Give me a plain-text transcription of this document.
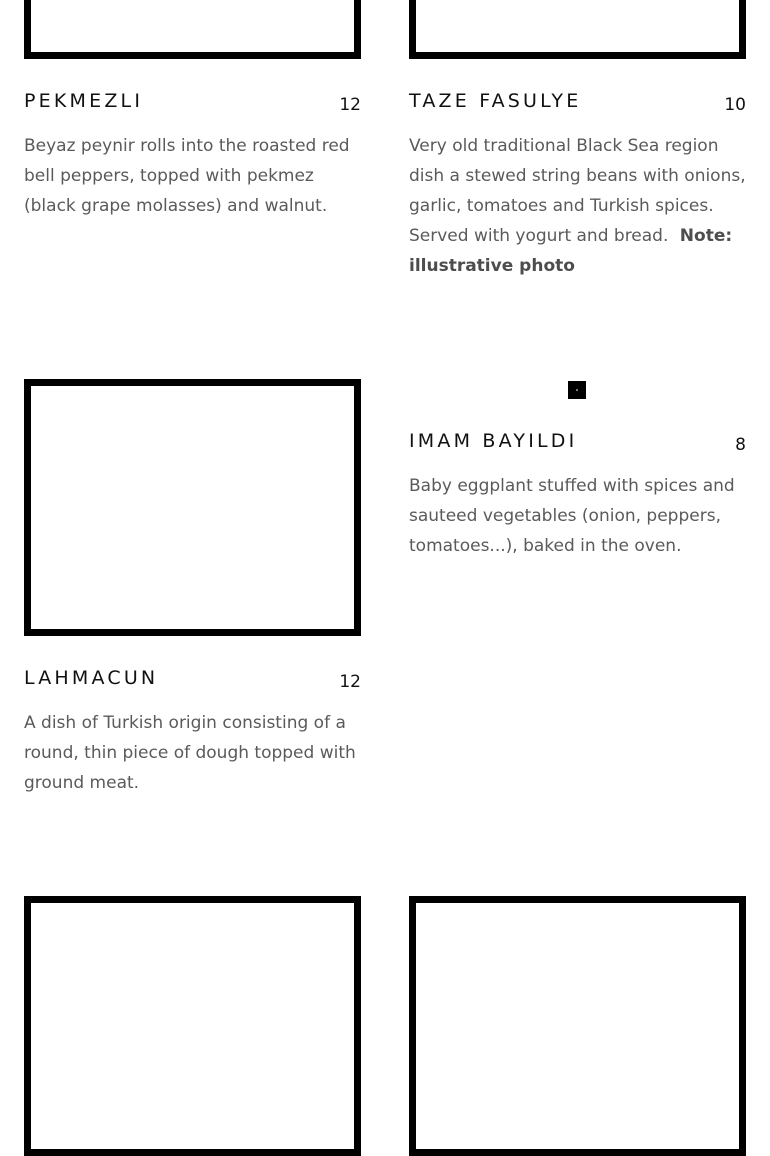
PEKMEZLI	12

Beyaz peynir rolls into the roasted red bell peppers, topped with pekmez (black grape molasses) and walnut.

TAZE FASULYE	10

Very old traditional Black Sea region dish a stewed string beans with onions, garlic, tomatoes and Turkish spices. Served with yogurt and bread. Note: illustrative photo

LAHMACUN	12

A dish of Turkish origin consisting of a round, thin piece of dough topped with ground meat.

IMAM BAYILDI	8

Baby eggplant stuffed with spices and sauteed vegetables (onion, peppers, tomatoes...), baked in the oven.
